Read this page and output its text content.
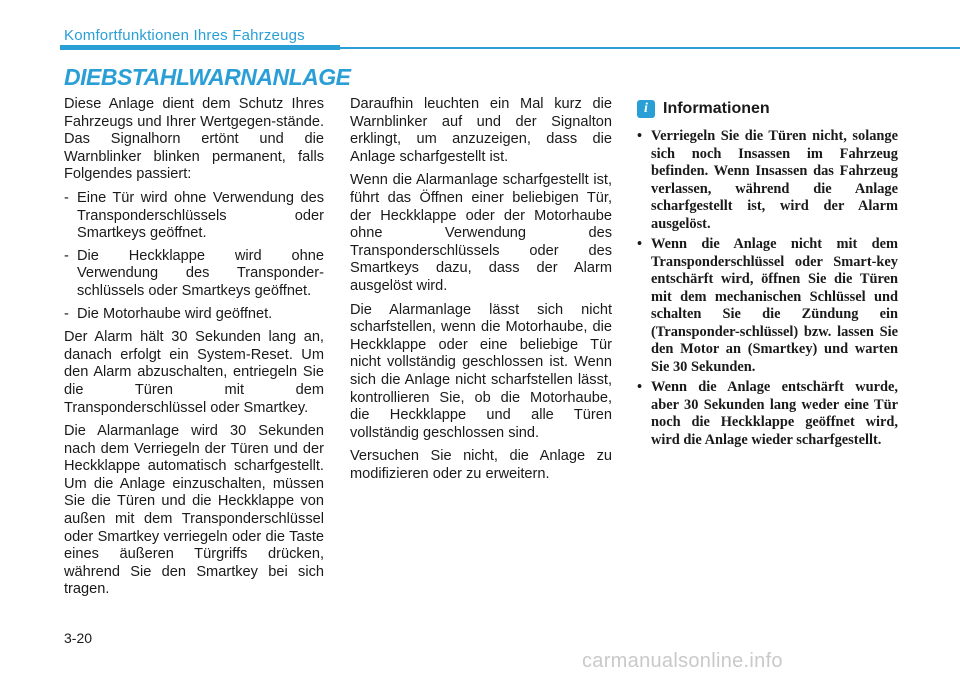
Komfortfunktionen Ihres Fahrzeugs
DIEBSTAHLWARNANLAGE

Diese Anlage dient dem Schutz Ihres Fahrzeugs und Ihrer Wertgegen-stände. Das Signalhorn ertönt und die Warnblinker blinken permanent, falls Folgendes passiert:

- Eine Tür wird ohne Verwendung des Transponderschlüssels oder Smartkeys geöffnet.
- Die Heckklappe wird ohne Verwendung des Transponder-schlüssels oder Smartkeys geöffnet.
- Die Motorhaube wird geöffnet.

Der Alarm hält 30 Sekunden lang an, danach erfolgt ein System-Reset. Um den Alarm abzuschalten, entriegeln Sie die Türen mit dem Transponderschlüssel oder Smartkey.

Die Alarmanlage wird 30 Sekunden nach dem Verriegeln der Türen und der Heckklappe automatisch scharfgestellt. Um die Anlage einzuschalten, müssen Sie die Türen und die Heckklappe von außen mit dem Transponderschlüssel oder Smartkey verriegeln oder die Taste eines äußeren Türgriffs drücken, während Sie den Smartkey bei sich tragen.

Daraufhin leuchten ein Mal kurz die Warnblinker auf und der Signalton erklingt, um anzuzeigen, dass die Anlage scharfgestellt ist.

Wenn die Alarmanlage scharfgestellt ist, führt das Öffnen einer beliebigen Tür, der Heckklappe oder der Motorhaube ohne Verwendung des Transponderschlüssels oder des Smartkeys dazu, dass der Alarm ausgelöst wird.

Die Alarmanlage lässt sich nicht scharfstellen, wenn die Motorhaube, die Heckklappe oder eine beliebige Tür nicht vollständig geschlossen ist. Wenn sich die Anlage nicht scharfstellen lässt, kontrollieren Sie, ob die Motorhaube, die Heckklappe und alle Türen vollständig geschlossen sind.

Versuchen Sie nicht, die Anlage zu modifizieren oder zu erweitern.

i Informationen
• Verriegeln Sie die Türen nicht, solange sich noch Insassen im Fahrzeug befinden. Wenn Insassen das Fahrzeug verlassen, während die Anlage scharfgestellt ist, wird der Alarm ausgelöst.
• Wenn die Anlage nicht mit dem Transponderschlüssel oder Smart-key entschärft wird, öffnen Sie die Türen mit dem mechanischen Schlüssel und schalten Sie die Zündung ein (Transponder-schlüssel) bzw. lassen Sie den Motor an (Smartkey) und warten Sie 30 Sekunden.
• Wenn die Anlage entschärft wurde, aber 30 Sekunden lang weder eine Tür noch die Heckklappe geöffnet wird, wird die Anlage wieder scharfgestellt.
3-20
carmanualsonline.info
